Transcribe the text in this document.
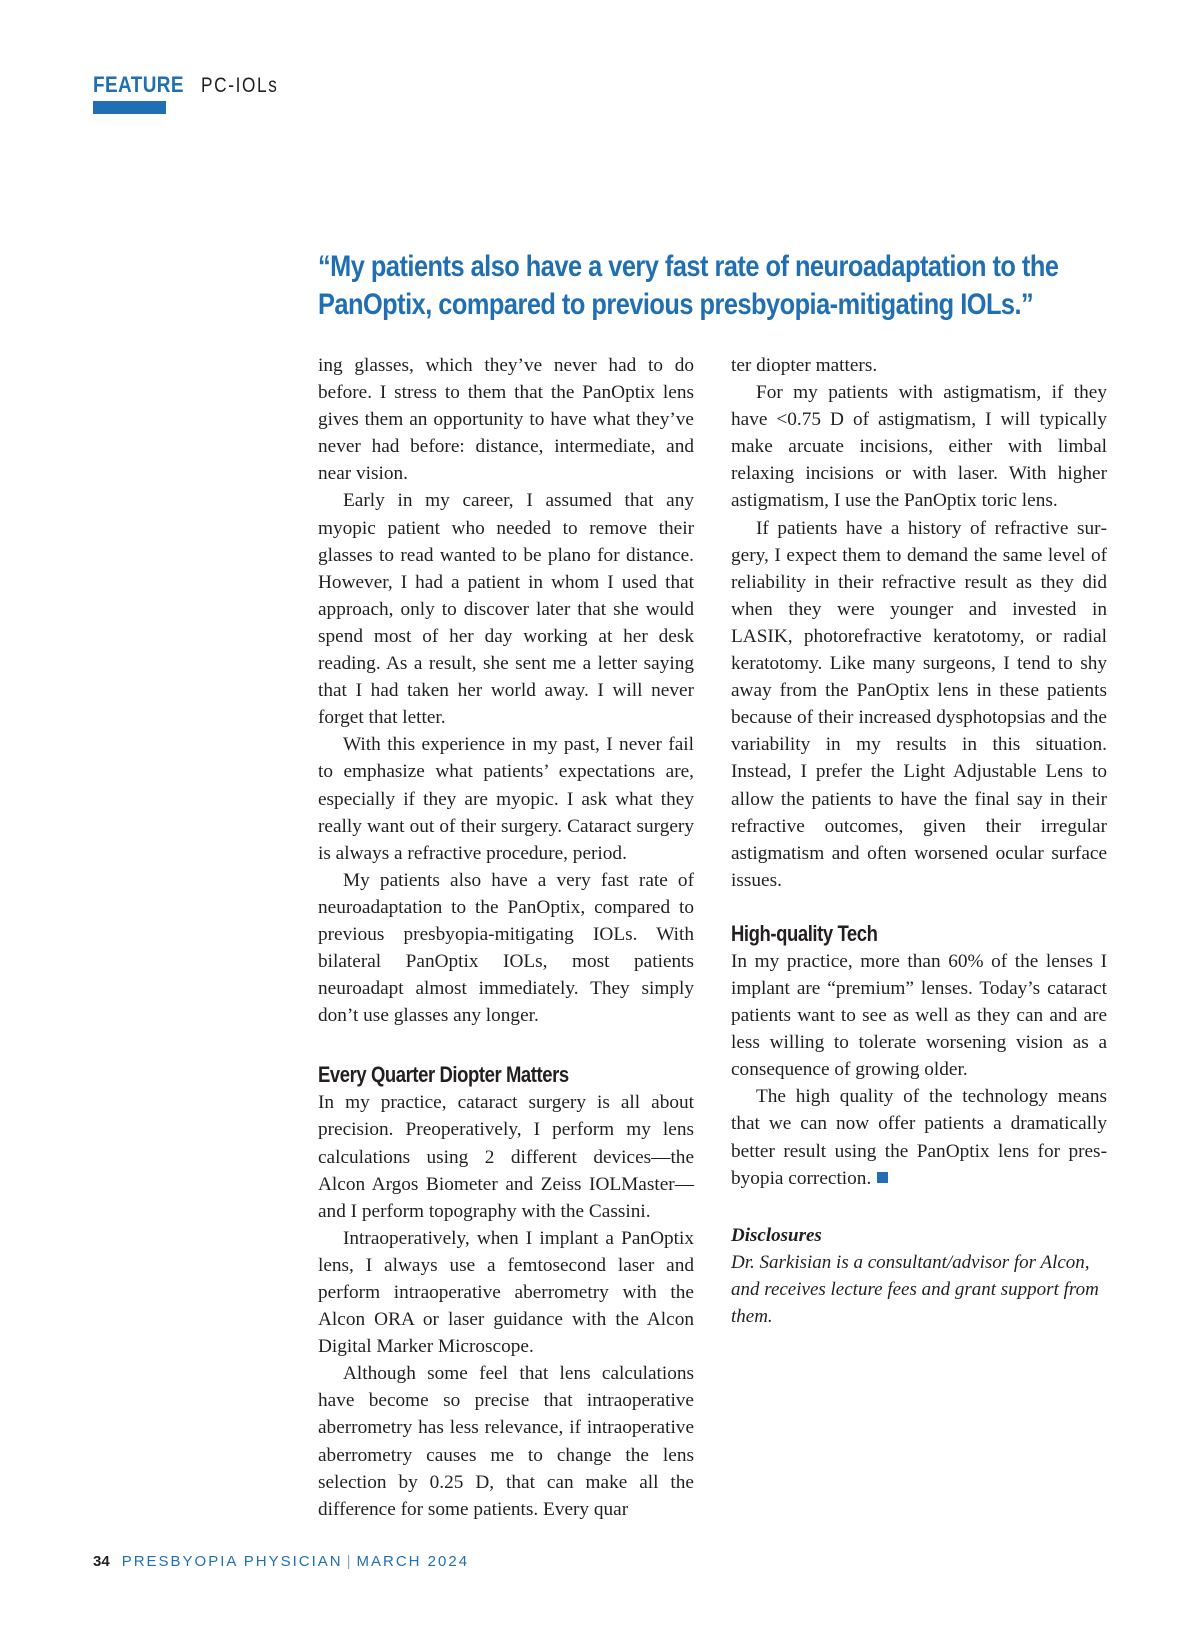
FEATURE PC-IOLs
“My patients also have a very fast rate of neuroadaptation to the
PanOptix, compared to previous presbyopia-mitigating IOLs.”

ing glasses, which they’ve never had to do before. I stress to them that the PanOptix lens gives them an opportunity to have what they’ve never had before: distance, intermediate, and near vision.

Early in my career, I assumed that any myopic patient who needed to remove their glasses to read wanted to be plano for distance. However, I had a patient in whom I used that approach, only to discover later that she would spend most of her day working at her desk reading. As a result, she sent me a letter saying that I had taken her world away. I will never forget that letter.

With this experience in my past, I never fail to emphasize what patients’ expectations are, especially if they are myopic. I ask what they really want out of their surgery. Cataract surgery is always a refractive procedure, period.

My patients also have a very fast rate of neuroadaptation to the PanOptix, compared to previous presbyopia-mitigating IOLs. With bilateral PanOptix IOLs, most patients neuroadapt almost immediately. They simply don’t use glasses any longer.

Every Quarter Diopter Matters

In my practice, cataract surgery is all about precision. Preoperatively, I perform my lens calculations using 2 different devices—the Alcon Argos Biometer and Zeiss IOLMaster—and I perform topography with the Cassini.

Intraoperatively, when I implant a PanOptix lens, I always use a femtosecond laser and perform intraoperative aberrometry with the Alcon ORA or laser guidance with the Alcon Digital Marker Microscope.

Although some feel that lens calculations have become so precise that intraoperative aberrometry has less relevance, if intraoperative aberrometry causes me to change the lens selection by 0.25 D, that can make all the difference for some patients. Every quar

ter diopter matters.

For my patients with astigmatism, if they have <0.75 D of astigmatism, I will typically make arcuate incisions, either with limbal relaxing incisions or with laser. With higher astigmatism, I use the PanOptix toric lens.

If patients have a history of refractive surgery, I expect them to demand the same level of reliability in their refractive result as they did when they were younger and invested in LASIK, photorefractive keratotomy, or radial keratotomy. Like many surgeons, I tend to shy away from the PanOptix lens in these patients because of their increased dysphotopsias and the variability in my results in this situation. Instead, I prefer the Light Adjustable Lens to allow the patients to have the final say in their refractive outcomes, given their irregular astigmatism and often worsened ocular surface issues.

High-quality Tech

In my practice, more than 60% of the lenses I implant are “premium” lenses. Today’s cataract patients want to see as well as they can and are less willing to tolerate worsening vision as a consequence of growing older.

The high quality of the technology means that we can now offer patients a dramatically better result using the PanOptix lens for presbyopia correction.

Disclosures
Dr. Sarkisian is a consultant/advisor for Alcon, and receives lecture fees and grant support from them.
34 PRESBYOPIA PHYSICIAN | MARCH 2024
